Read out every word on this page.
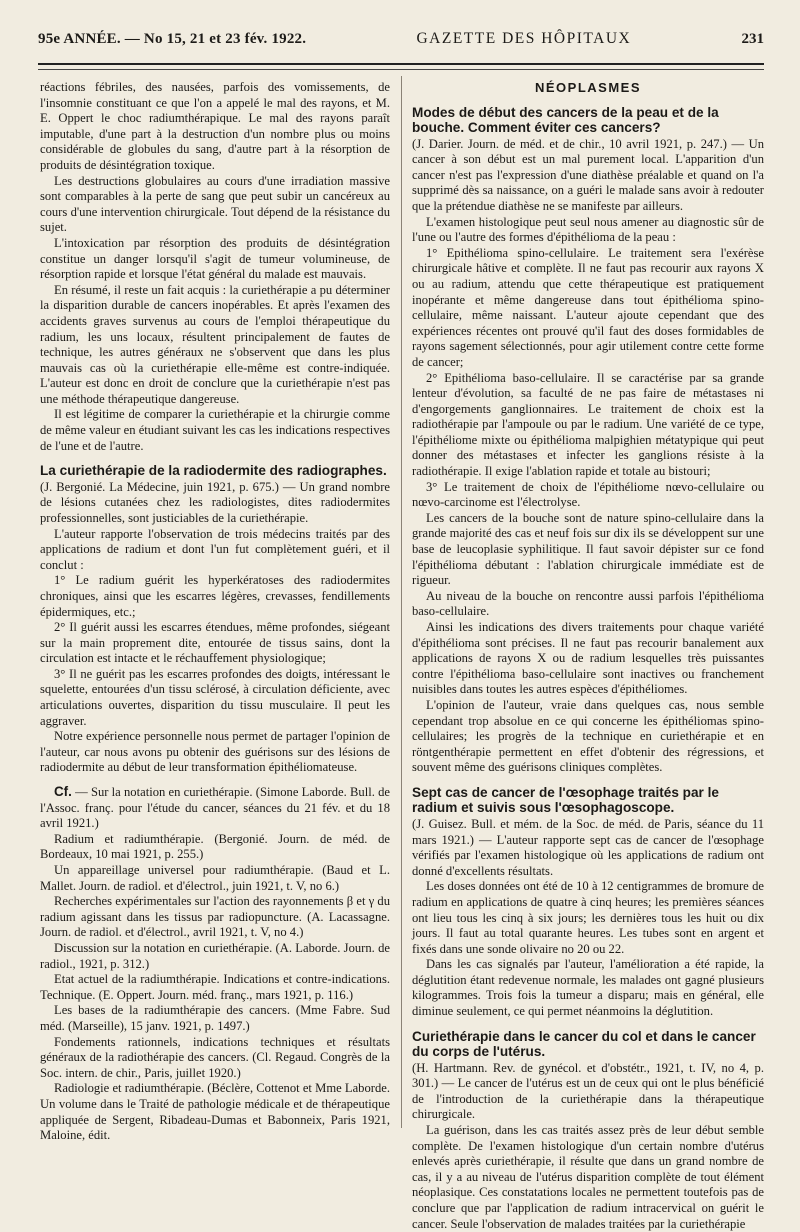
95e ANNÉE. — No 15, 21 et 23 fév. 1922.	GAZETTE DES HÔPITAUX	231

réactions fébriles, des nausées, parfois des vomissements, de l'insomnie constituant ce que l'on a appelé le mal des rayons, et M. E. Oppert le choc radiumthérapique. Le mal des rayons paraît imputable, d'une part à la destruction d'un nombre plus ou moins considérable de globules du sang, d'autre part à la résorption de produits de désintégration toxique.

Les destructions globulaires au cours d'une irradiation massive sont comparables à la perte de sang que peut subir un cancéreux au cours d'une intervention chirurgicale. Tout dépend de la résistance du sujet.

L'intoxication par résorption des produits de désintégration constitue un danger lorsqu'il s'agit de tumeur volumineuse, de résorption rapide et lorsque l'état général du malade est mauvais.

En résumé, il reste un fait acquis : la curiethérapie a pu déterminer la disparition durable de cancers inopérables. Et après l'examen des accidents graves survenus au cours de l'emploi thérapeutique du radium, les uns locaux, résultent principalement de fautes de technique, les autres généraux ne s'observent que dans les plus mauvais cas où la curiethérapie elle-même est contre-indiquée. L'auteur est donc en droit de conclure que la curiethérapie n'est pas une méthode thérapeutique dangereuse.

Il est légitime de comparer la curiethérapie et la chirurgie comme de même valeur en étudiant suivant les cas les indications respectives de l'une et de l'autre.

La curiethérapie de la radiodermite des radiographes.

(J. Bergonié. La Médecine, juin 1921, p. 675.) — Un grand nombre de lésions cutanées chez les radiologistes, dites radiodermites professionnelles, sont justiciables de la curiethérapie.

L'auteur rapporte l'observation de trois médecins traités par des applications de radium et dont l'un fut complètement guéri, et il conclut :

1° Le radium guérit les hyperkératoses des radiodermites chroniques, ainsi que les escarres légères, crevasses, fendillements épidermiques, etc.;

2° Il guérit aussi les escarres étendues, même profondes, siégeant sur la main proprement dite, entourée de tissus sains, dont la circulation est intacte et le réchauffement physiologique;

3° Il ne guérit pas les escarres profondes des doigts, intéressant le squelette, entourées d'un tissu sclérosé, à circulation déficiente, avec articulations ouvertes, disparition du tissu musculaire. Il peut les aggraver.

Notre expérience personnelle nous permet de partager l'opinion de l'auteur, car nous avons pu obtenir des guérisons sur des lésions de radiodermite au début de leur transformation épithéliomateuse.

Cf. — Sur la notation en curiethérapie. (Simone Laborde. Bull. de l'Assoc. franç. pour l'étude du cancer, séances du 21 fév. et du 18 avril 1921.)

Radium et radiumthérapie. (Bergonié. Journ. de méd. de Bordeaux, 10 mai 1921, p. 255.)

Un appareillage universel pour radiumthérapie. (Baud et L. Mallet. Journ. de radiol. et d'électrol., juin 1921, t. V, no 6.)

Recherches expérimentales sur l'action des rayonnements β et γ du radium agissant dans les tissus par radiopuncture. (A. Lacassagne. Journ. de radiol. et d'électrol., avril 1921, t. V, no 4.)

Discussion sur la notation en curiethérapie. (A. Laborde. Journ. de radiol., 1921, p. 312.)

Etat actuel de la radiumthérapie. Indications et contre-indications. Technique. (E. Oppert. Journ. méd. franç., mars 1921, p. 116.)

Les bases de la radiumthérapie des cancers. (Mme Fabre. Sud méd. (Marseille), 15 janv. 1921, p. 1497.)

Fondements rationnels, indications techniques et résultats généraux de la radiothérapie des cancers. (Cl. Regaud. Congrès de la Soc. intern. de chir., Paris, juillet 1920.)

Radiologie et radiumthérapie. (Béclère, Cottenot et Mme Laborde. Un volume dans le Traité de pathologie médicale et de thérapeutique appliquée de Sergent, Ribadeau-Dumas et Babonneix, Paris 1921, Maloine, édit.

NÉOPLASMES
Modes de début des cancers de la peau et de la bouche. Comment éviter ces cancers?

(J. Darier. Journ. de méd. et de chir., 10 avril 1921, p. 247.) — Un cancer à son début est un mal purement local. L'apparition d'un cancer n'est pas l'expression d'une diathèse préalable et quand on l'a supprimé dès sa naissance, on a guéri le malade sans avoir à redouter que la prétendue diathèse ne se manifeste par ailleurs.

L'examen histologique peut seul nous amener au diagnostic sûr de l'une ou l'autre des formes d'épithélioma de la peau :

1° Epithélioma spino-cellulaire. Le traitement sera l'exérèse chirurgicale hâtive et complète. Il ne faut pas recourir aux rayons X ou au radium, attendu que cette thérapeutique est pratiquement inopérante et même dangereuse dans tout épithélioma spino-cellulaire, même naissant. L'auteur ajoute cependant que des expériences récentes ont prouvé qu'il faut des doses formidables de rayons sagement sélectionnés, pour agir utilement contre cette forme de cancer;

2° Epithélioma baso-cellulaire. Il se caractérise par sa grande lenteur d'évolution, sa faculté de ne pas faire de métastases ni d'engorgements ganglionnaires. Le traitement de choix est la radiothérapie par l'ampoule ou par le radium. Une variété de ce type, l'épithéliome mixte ou épithélioma malpighien métatypique qui peut donner des métastases et infecter les ganglions résiste à la radiothérapie. Il exige l'ablation rapide et totale au bistouri;

3° Le traitement de choix de l'épithéliome nœvo-cellulaire ou nœvo-carcinome est l'électrolyse.

Les cancers de la bouche sont de nature spino-cellulaire dans la grande majorité des cas et neuf fois sur dix ils se développent sur une base de leucoplasie syphilitique. Il faut savoir dépister sur ce fond l'épithélioma débutant : l'ablation chirurgicale immédiate est de rigueur.

Au niveau de la bouche on rencontre aussi parfois l'épithélioma baso-cellulaire.

Ainsi les indications des divers traitements pour chaque variété d'épithélioma sont précises. Il ne faut pas recourir banalement aux applications de rayons X ou de radium lesquelles très puissantes contre l'épithélioma baso-cellulaire sont inactives ou franchement nuisibles dans toutes les autres espèces d'épithéliomes.

L'opinion de l'auteur, vraie dans quelques cas, nous semble cependant trop absolue en ce qui concerne les épithéliomas spino-cellulaires; les progrès de la technique en curiethérapie et en röntgenthérapie permettent en effet d'obtenir des régressions, et souvent même des guérisons cliniques complètes.

Sept cas de cancer de l'œsophage traités par le radium et suivis sous l'œsophagoscope.

(J. Guisez. Bull. et mém. de la Soc. de méd. de Paris, séance du 11 mars 1921.) — L'auteur rapporte sept cas de cancer de l'œsophage vérifiés par l'examen histologique où les applications de radium ont donné d'excellents résultats.

Les doses données ont été de 10 à 12 centigrammes de bromure de radium en applications de quatre à cinq heures; les premières séances ont lieu tous les cinq à six jours; les dernières tous les huit ou dix jours. Il faut au total quarante heures. Les tubes sont en argent et fixés dans une sonde olivaire no 20 ou 22.

Dans les cas signalés par l'auteur, l'amélioration a été rapide, la déglutition étant redevenue normale, les malades ont gagné plusieurs kilogrammes. Trois fois la tumeur a disparu; mais en général, elle diminue seulement, ce qui permet néanmoins la déglutition.

Curiethérapie dans le cancer du col et dans le cancer du corps de l'utérus.

(H. Hartmann. Rev. de gynécol. et d'obstétr., 1921, t. IV, no 4, p. 301.) — Le cancer de l'utérus est un de ceux qui ont le plus bénéficié de l'introduction de la curiethérapie dans la thérapeutique chirurgicale.

La guérison, dans les cas traités assez près de leur début semble complète. De l'examen histologique d'un certain nombre d'utérus enlevés après curiethérapie, il résulte que dans un grand nombre de cas, il y a au niveau de l'utérus disparition complète de tout élément néoplasique. Ces constatations locales ne permettent toutefois pas de conclure que par l'application de radium intracervical on guérit le cancer. Seule l'observation de malades traitées par la curiethérapie
